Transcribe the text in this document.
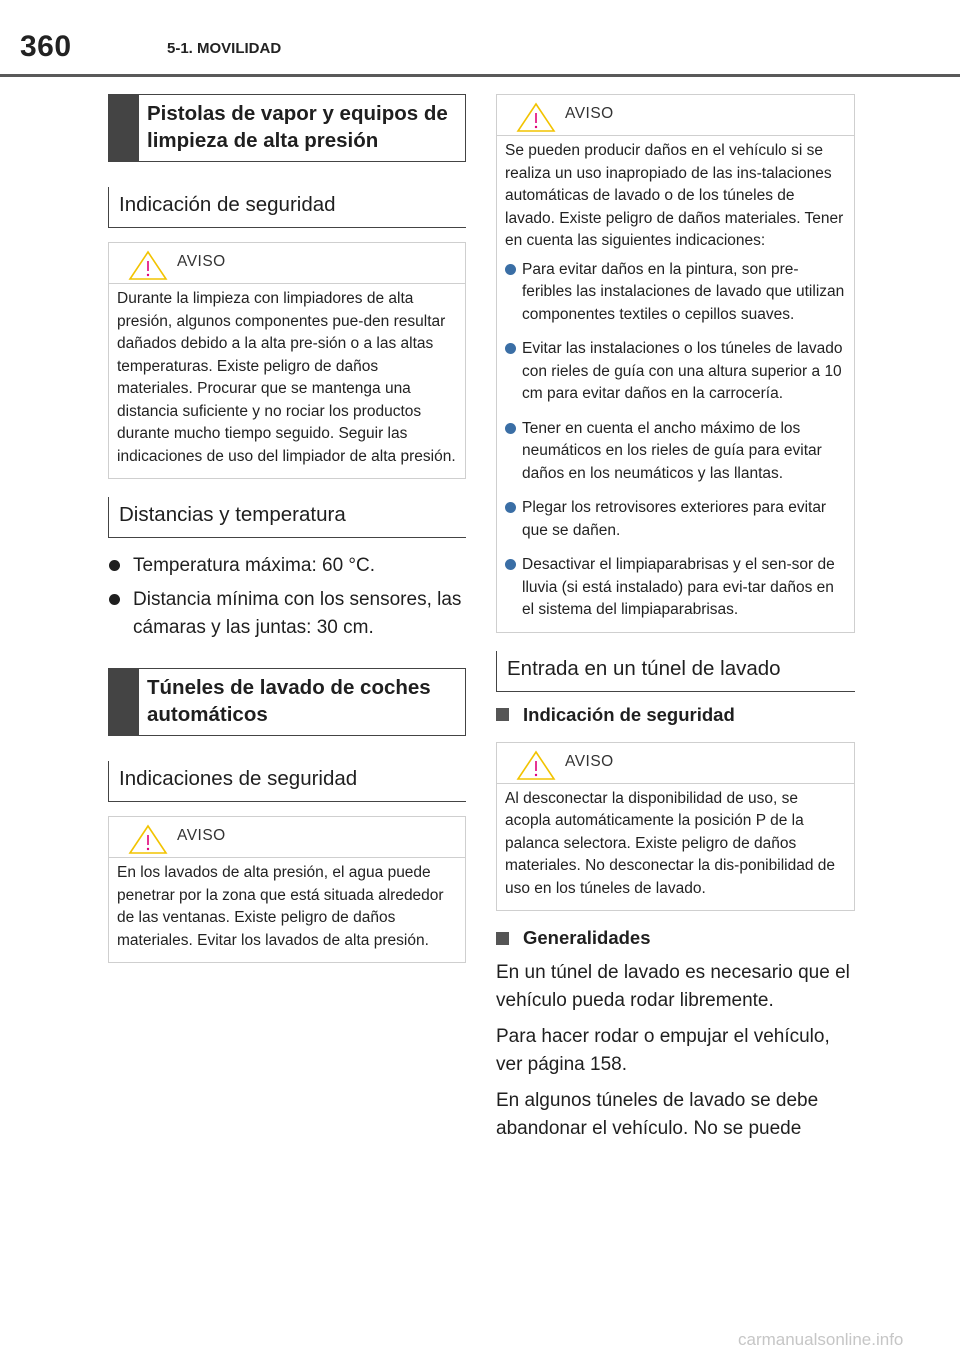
360	5-1. MOVILIDAD
Pistolas de vapor y equipos de limpieza de alta presión
Indicación de seguridad
AVISO
Durante la limpieza con limpiadores de alta presión, algunos componentes pue-den resultar dañados debido a la alta pre-sión o a las altas temperaturas. Existe peligro de daños materiales. Procurar que se mantenga una distancia suficiente y no rociar los productos durante mucho tiempo seguido. Seguir las indicaciones de uso del limpiador de alta presión.
Distancias y temperatura
Temperatura máxima: 60 °C.
Distancia mínima con los sensores, las cámaras y las juntas: 30 cm.
Túneles de lavado de coches automáticos
Indicaciones de seguridad
AVISO
En los lavados de alta presión, el agua puede penetrar por la zona que está situada alrededor de las ventanas. Existe peligro de daños materiales. Evitar los lavados de alta presión.
AVISO
Se pueden producir daños en el vehículo si se realiza un uso inapropiado de las ins-talaciones automáticas de lavado o de los túneles de lavado. Existe peligro de daños materiales. Tener en cuenta las siguientes indicaciones:
Para evitar daños en la pintura, son pre-feribles las instalaciones de lavado que utilizan componentes textiles o cepillos suaves.
Evitar las instalaciones o los túneles de lavado con rieles de guía con una altura superior a 10 cm para evitar daños en la carrocería.
Tener en cuenta el ancho máximo de los neumáticos en los rieles de guía para evitar daños en los neumáticos y las llantas.
Plegar los retrovisores exteriores para evitar que se dañen.
Desactivar el limpiaparabrisas y el sen-sor de lluvia (si está instalado) para evi-tar daños en el sistema del limpiaparabrisas.
Entrada en un túnel de lavado
Indicación de seguridad
AVISO
Al desconectar la disponibilidad de uso, se acopla automáticamente la posición P de la palanca selectora. Existe peligro de daños materiales. No desconectar la dis-ponibilidad de uso en los túneles de lavado.
Generalidades

En un túnel de lavado es necesario que el vehículo pueda rodar libremente.

Para hacer rodar o empujar el vehículo, ver página 158.

En algunos túneles de lavado se debe abandonar el vehículo. No se puede

carmanualsonline.info
